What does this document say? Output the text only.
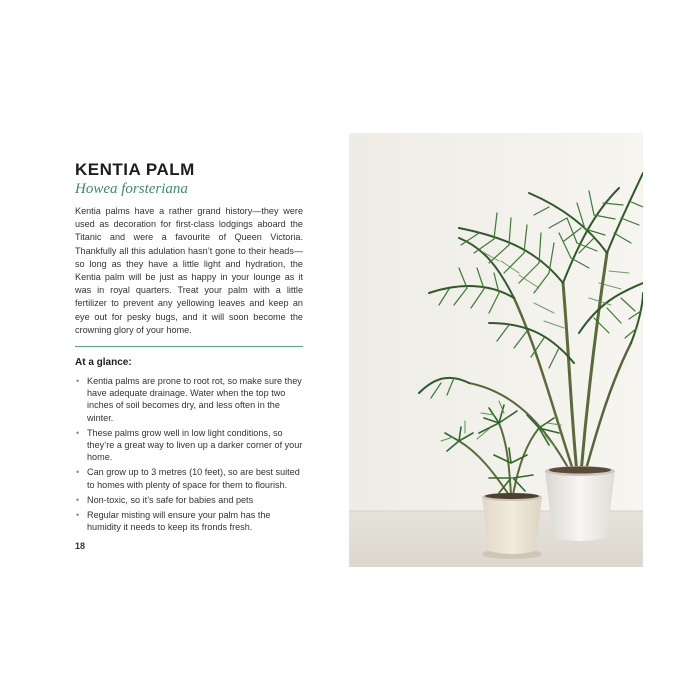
KENTIA PALM
Howea forsteriana

Kentia palms have a rather grand history—they were used as decoration for first-class lodgings aboard the Titanic and were a favourite of Queen Victoria. Thankfully all this adulation hasn’t gone to their heads—so long as they have a little light and hydration, the Kentia palm will be just as happy in your lounge as it was in royal quarters. Treat your palm with a little fertilizer to prevent any yellowing leaves and keep an eye out for pesky bugs, and it will soon become the crowning glory of your home.

At a glance:
• Kentia palms are prone to root rot, so make sure they have adequate drainage. Water when the top two inches of soil becomes dry, and less often in the winter.
• These palms grow well in low light conditions, so they’re a great way to liven up a darker corner of your home.
• Can grow up to 3 metres (10 feet), so are best suited to homes with plenty of space for them to flourish.
• Non-toxic, so it’s safe for babies and pets
• Regular misting will ensure your palm has the humidity it needs to keep its fronds fresh.
18
